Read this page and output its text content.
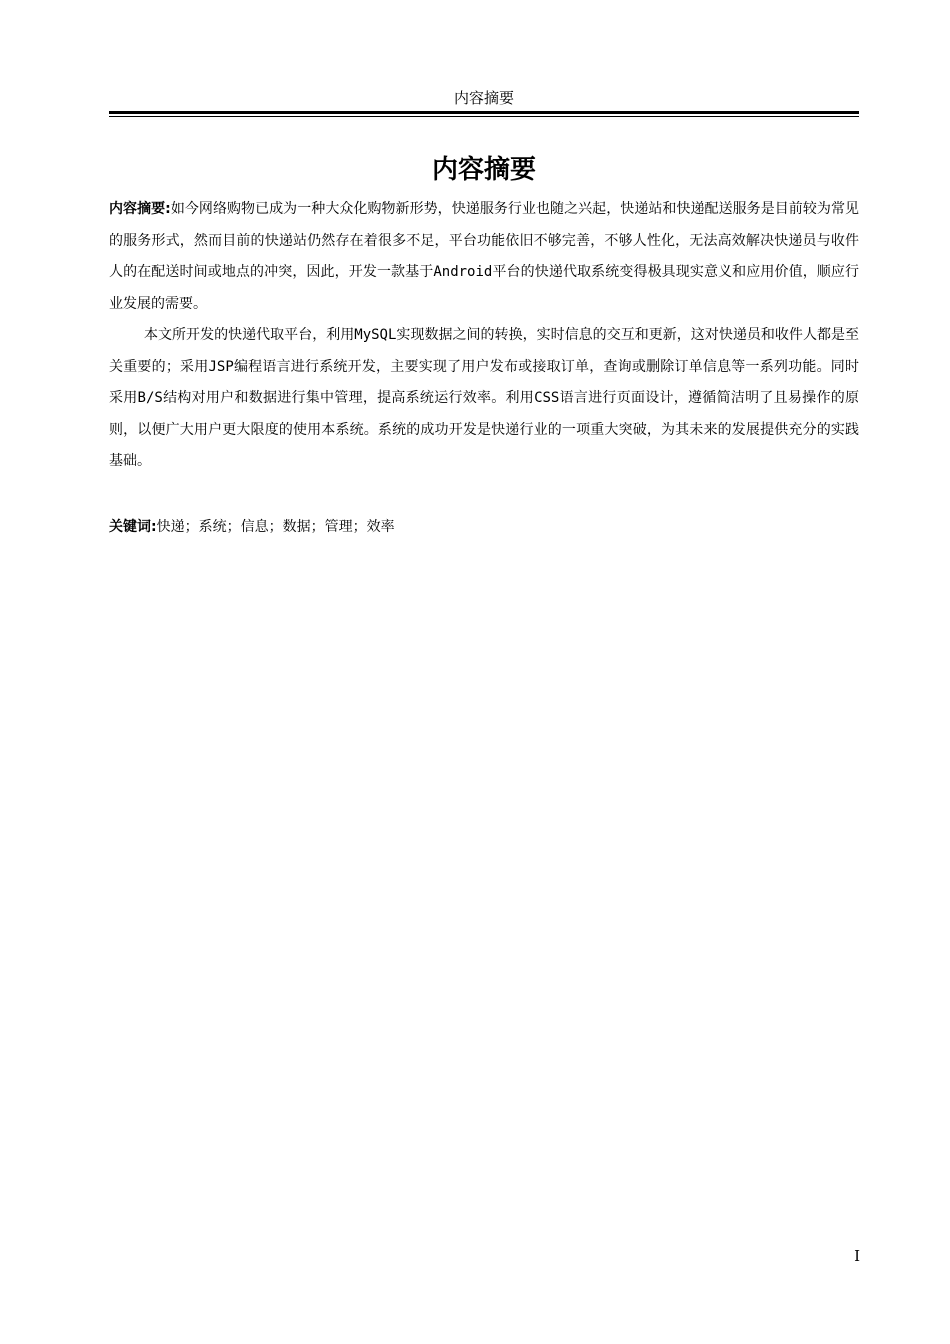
内容摘要
内容摘要

内容摘要:如今网络购物已成为一种大众化购物新形势，快递服务行业也随之兴起，快递站和快递配送服务是目前较为常见的服务形式，然而目前的快递站仍然存在着很多不足，平台功能依旧不够完善，不够人性化，无法高效解决快递员与收件人的在配送时间或地点的冲突，因此，开发一款基于Android平台的快递代取系统变得极具现实意义和应用价值，顺应行业发展的需要。

本文所开发的快递代取平台，利用MySQL实现数据之间的转换，实时信息的交互和更新，这对快递员和收件人都是至关重要的；采用JSP编程语言进行系统开发，主要实现了用户发布或接取订单，查询或删除订单信息等一系列功能。同时采用B/S结构对用户和数据进行集中管理，提高系统运行效率。利用CSS语言进行页面设计，遵循简洁明了且易操作的原则，以便广大用户更大限度的使用本系统。系统的成功开发是快递行业的一项重大突破，为其未来的发展提供充分的实践基础。

关键词:快递；系统；信息；数据；管理；效率

I
